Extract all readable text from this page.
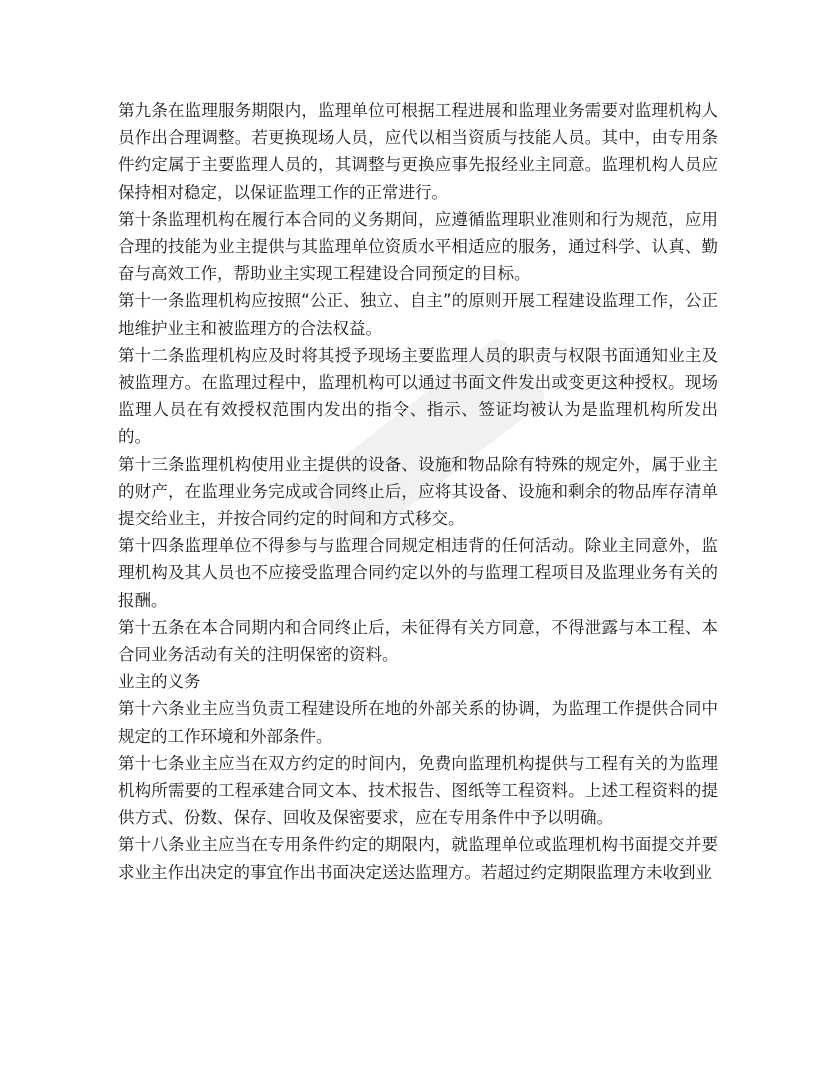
第九条在监理服务期限内，监理单位可根据工程进展和监理业务需要对监理机构人员作出合理调整。若更换现场人员，应代以相当资质与技能人员。其中，由专用条件约定属于主要监理人员的，其调整与更换应事先报经业主同意。监理机构人员应保持相对稳定，以保证监理工作的正常进行。

第十条监理机构在履行本合同的义务期间，应遵循监理职业准则和行为规范，应用合理的技能为业主提供与其监理单位资质水平相适应的服务，通过科学、认真、勤奋与高效工作，帮助业主实现工程建设合同预定的目标。

第十一条监理机构应按照“公正、独立、自主”的原则开展工程建设监理工作，公正地维护业主和被监理方的合法权益。

第十二条监理机构应及时将其授予现场主要监理人员的职责与权限书面通知业主及被监理方。在监理过程中，监理机构可以通过书面文件发出或变更这种授权。现场监理人员在有效授权范围内发出的指令、指示、签证均被认为是监理机构所发出的。

第十三条监理机构使用业主提供的设备、设施和物品除有特殊的规定外，属于业主的财产，在监理业务完成或合同终止后，应将其设备、设施和剩余的物品库存清单提交给业主，并按合同约定的时间和方式移交。

第十四条监理单位不得参与与监理合同规定相违背的任何活动。除业主同意外，监理机构及其人员也不应接受监理合同约定以外的与监理工程项目及监理业务有关的报酬。

第十五条在本合同期内和合同终止后，未征得有关方同意，不得泄露与本工程、本合同业务活动有关的注明保密的资料。

业主的义务

第十六条业主应当负责工程建设所在地的外部关系的协调，为监理工作提供合同中规定的工作环境和外部条件。

第十七条业主应当在双方约定的时间内，免费向监理机构提供与工程有关的为监理机构所需要的工程承建合同文本、技术报告、图纸等工程资料。上述工程资料的提供方式、份数、保存、回收及保密要求，应在专用条件中予以明确。

第十八条业主应当在专用条件约定的期限内，就监理单位或监理机构书面提交并要求业主作出决定的事宜作出书面决定送达监理方。若超过约定期限监理方未收到业
